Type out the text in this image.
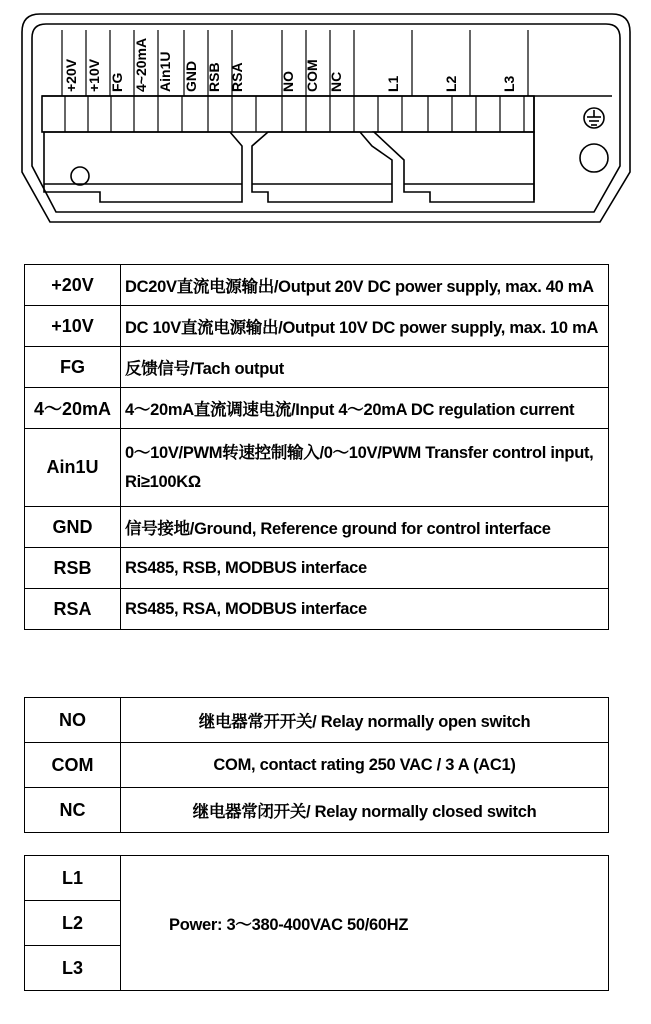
+20V +10V FG 4~20mA Ain1U GND RSB RSA	NO COM NC	L1	L2	L3
+20V	DC20V直流电源输出/Output 20V DC power supply, max. 40 mA
+10V	DC 10V直流电源输出/Output 10V DC power supply, max. 10 mA
FG	反馈信号/Tach output
4～20mA	4～20mA直流调速电流/Input 4～20mA DC regulation current
Ain1U	0～10V/PWM转速控制输入/0～10V/PWM Transfer control input,
Ri≥100KΩ

GND	信号接地/Ground, Reference ground for control interface
RSB	RS485, RSB, MODBUS interface
RSA	RS485, RSA, MODBUS interface
NO	继电器常开开关/ Relay normally open switch
COM	COM, contact rating 250 VAC / 3 A (AC1)
NC	继电器常闭开关/ Relay normally closed switch
L1	Power: 3～380-400VAC 50/60HZ
L2
L3
